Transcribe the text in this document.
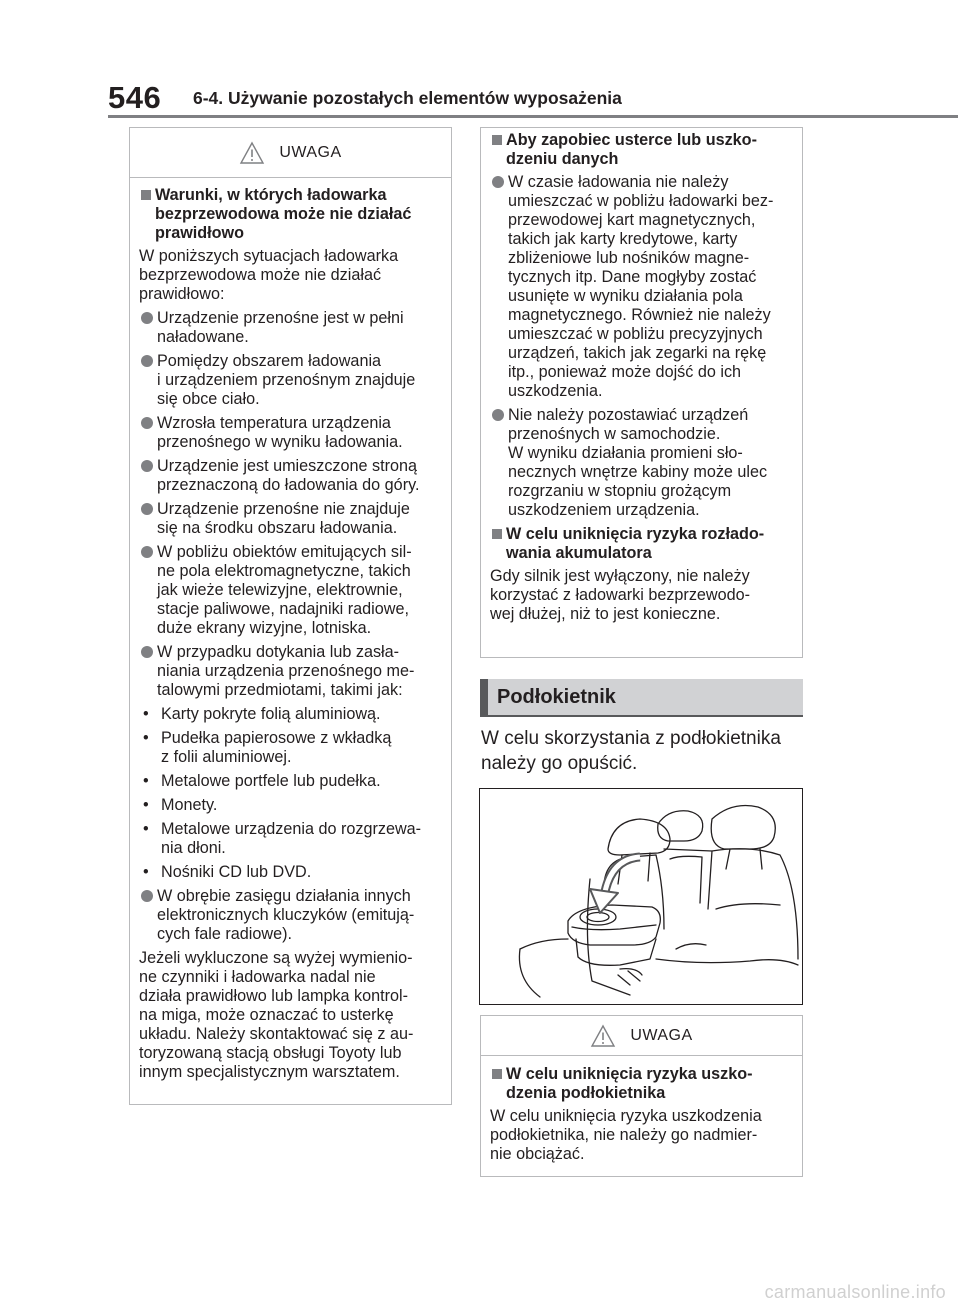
546 6-4. Używanie pozostałych elementów wyposażenia
UWAGA
Warunki, w których ładowarka
bezprzewodowa może nie działać
prawidłowo
W poniższych sytuacjach ładowarka
bezprzewodowa może nie działać
prawidłowo:
Urządzenie przenośne jest w pełni
naładowane.
Pomiędzy obszarem ładowania
i urządzeniem przenośnym znajduje
się obce ciało.
Wzrosła temperatura urządzenia
przenośnego w wyniku ładowania.
Urządzenie jest umieszczone stroną
przeznaczoną do ładowania do góry.
Urządzenie przenośne nie znajduje
się na środku obszaru ładowania.
W pobliżu obiektów emitujących sil-
ne pola elektromagnetyczne, takich
jak wieże telewizyjne, elektrownie,
stacje paliwowe, nadajniki radiowe,
duże ekrany wizyjne, lotniska.
W przypadku dotykania lub zasła-
niania urządzenia przenośnego me-
talowymi przedmiotami, takimi jak:
• Karty pokryte folią aluminiową.
• Pudełka papierosowe z wkładką
z folii aluminiowej.
• Metalowe portfele lub pudełka.
• Monety.
• Metalowe urządzenia do rozgrzewa-
nia dłoni.
• Nośniki CD lub DVD.
W obrębie zasięgu działania innych
elektronicznych kluczyków (emitują-
cych fale radiowe).
Jeżeli wykluczone są wyżej wymienio-
ne czynniki i ładowarka nadal nie
działa prawidłowo lub lampka kontrol-
na miga, może oznaczać to usterkę
układu. Należy skontaktować się z au-
toryzowaną stacją obsługi Toyoty lub
innym specjalistycznym warsztatem.
Aby zapobiec usterce lub uszko-
dzeniu danych
W czasie ładowania nie należy
umieszczać w pobliżu ładowarki bez-
przewodowej kart magnetycznych,
takich jak karty kredytowe, karty
zbliżeniowe lub nośników magne-
tycznych itp. Dane mogłyby zostać
usunięte w wyniku działania pola
magnetycznego. Również nie należy
umieszczać w pobliżu precyzyjnych
urządzeń, takich jak zegarki na rękę
itp., ponieważ może dojść do ich
uszkodzenia.
Nie należy pozostawiać urządzeń
przenośnych w samochodzie.
W wyniku działania promieni sło-
necznych wnętrze kabiny może ulec
rozgrzaniu w stopniu grożącym
uszkodzeniem urządzenia.
W celu uniknięcia ryzyka rozłado-
wania akumulatora
Gdy silnik jest wyłączony, nie należy
korzystać z ładowarki bezprzewodo-
wej dłużej, niż to jest konieczne.
Podłokietnik
W celu skorzystania z podłokietnika
należy go opuścić.
UWAGA
W celu uniknięcia ryzyka uszko-
dzenia podłokietnika
W celu uniknięcia ryzyka uszkodzenia
podłokietnika, nie należy go nadmier-
nie obciążać.
carmanualsonline.info
